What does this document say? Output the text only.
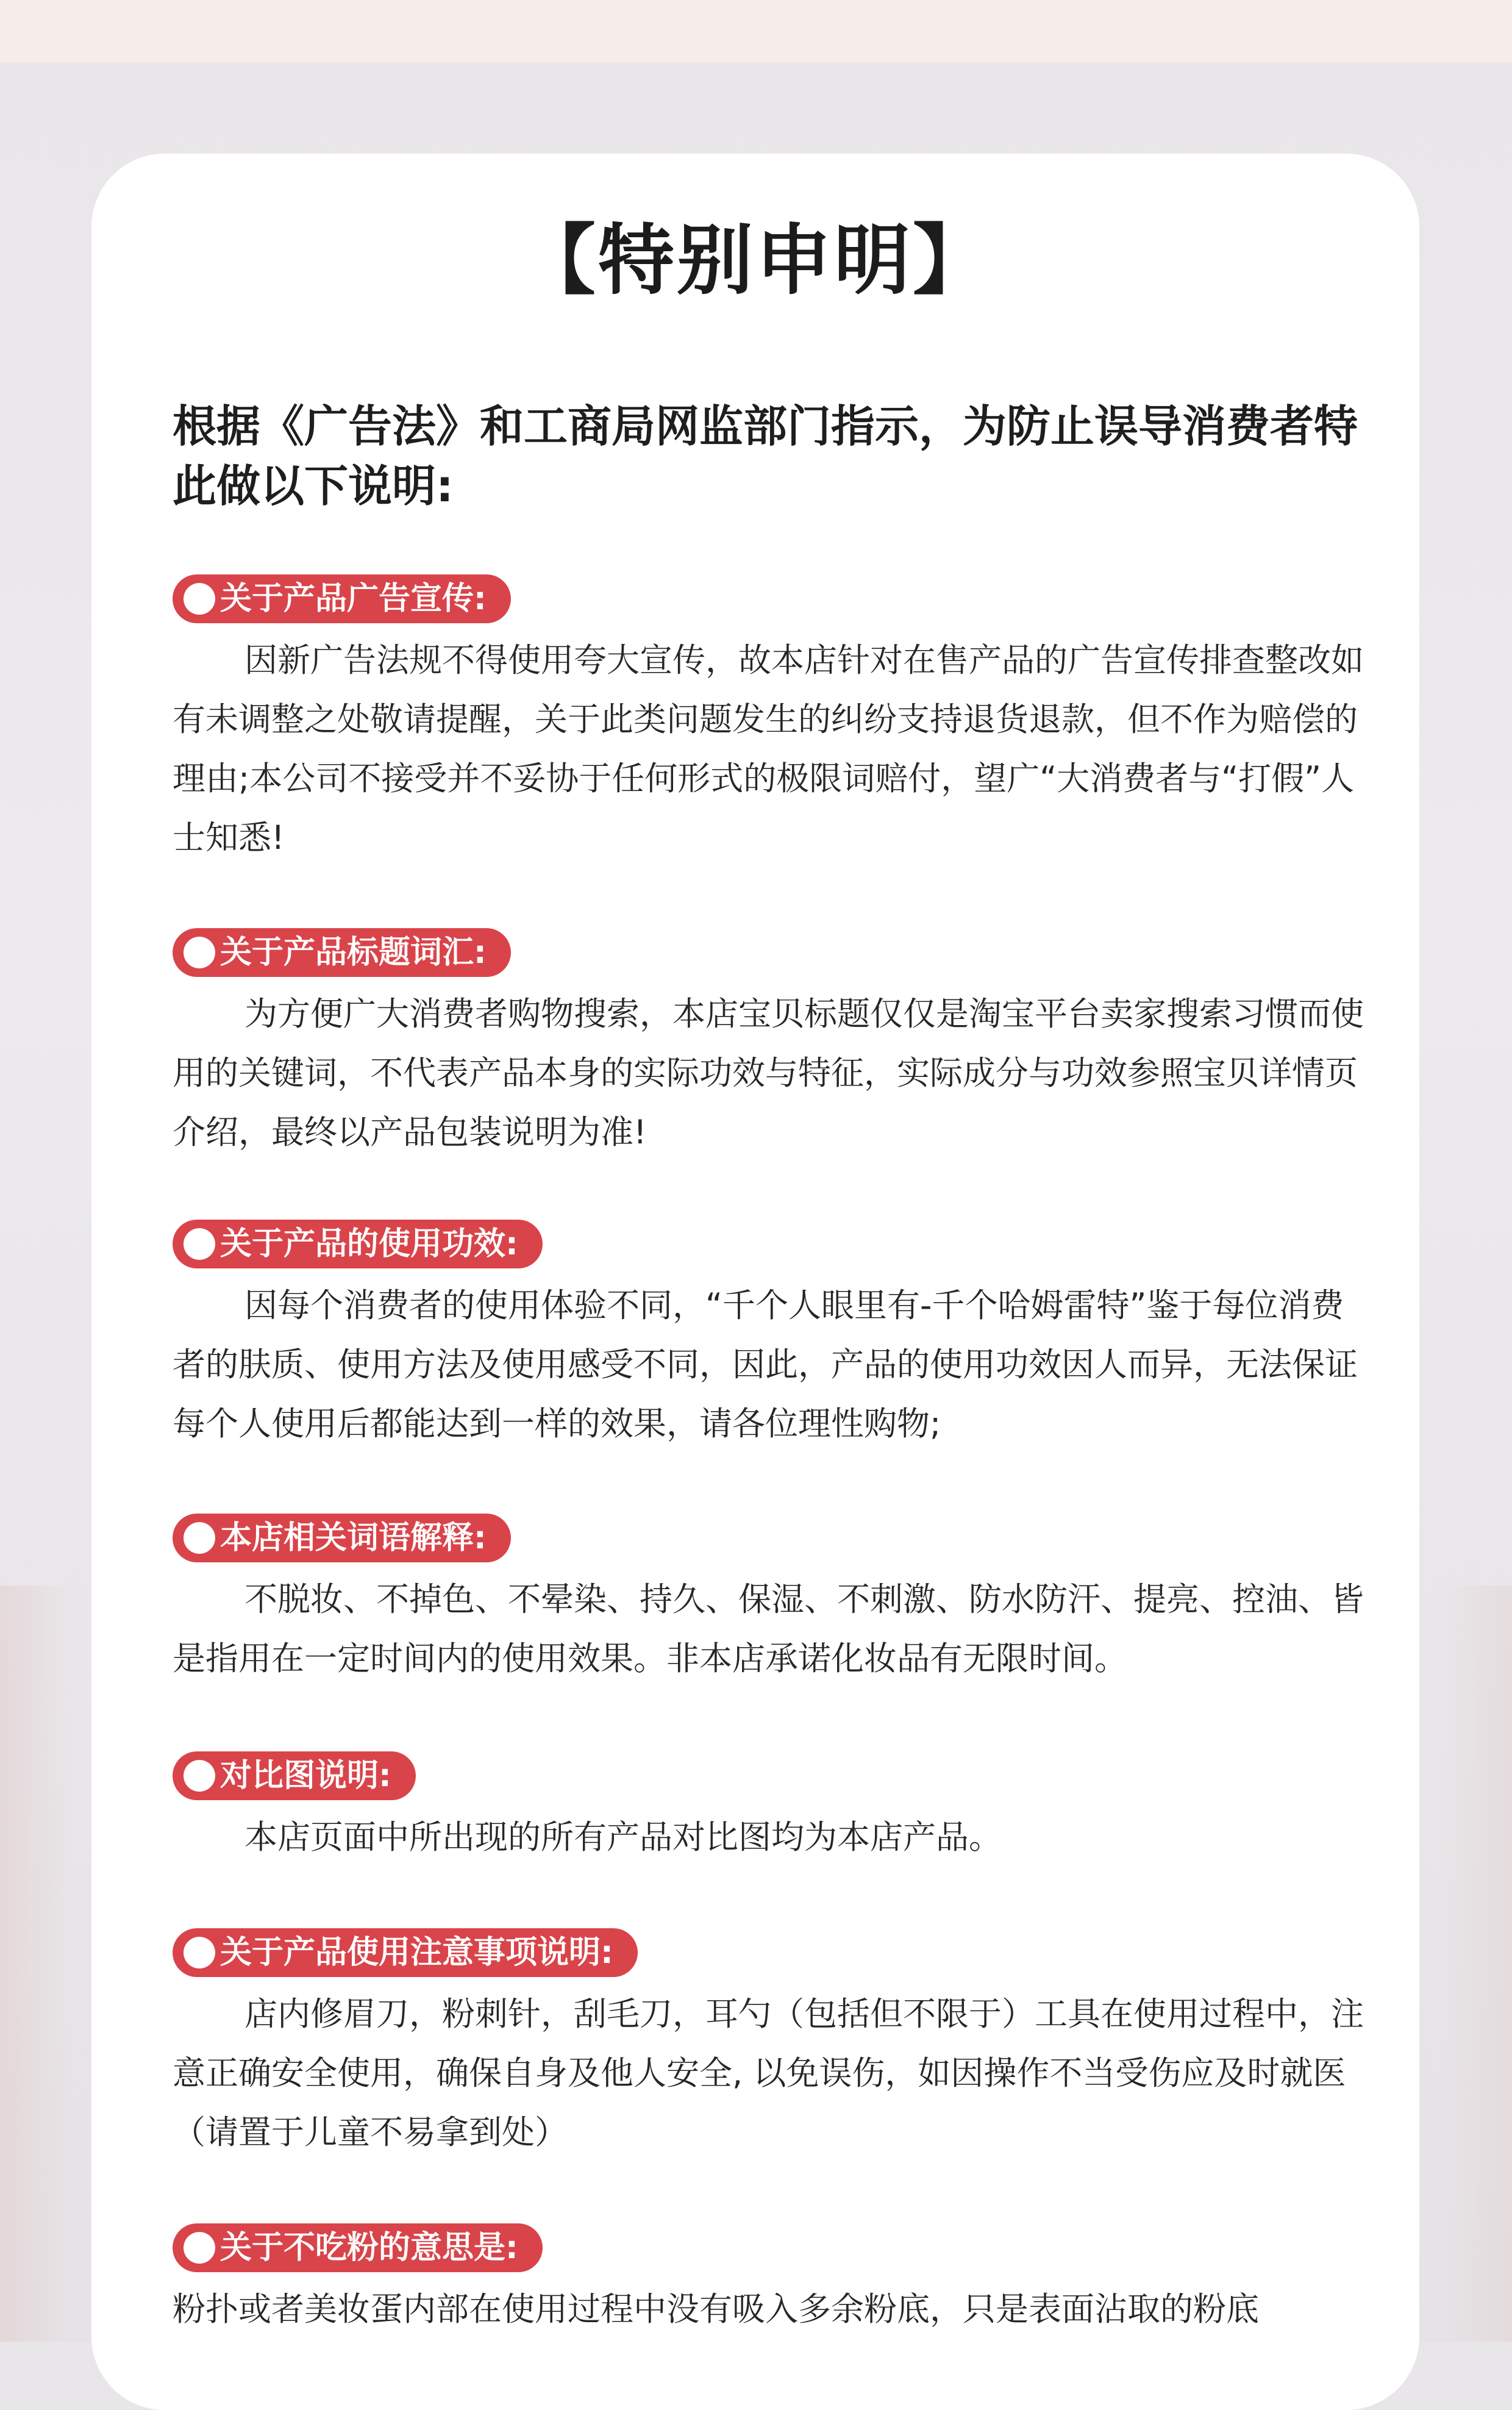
【特别申明】
根据《广告法》和工商局网监部门指示，为防止误导消费者特此做以下说明:
关于产品广告宣传:
因新广告法规不得使用夸大宣传，故本店针对在售产品的广告宣传排查整改如有未调整之处敬请提醒，关于此类问题发生的纠纷支持退货退款，但不作为赔偿的理由;本公司不接受并不妥协于任何形式的极限词赔付，望广“大消费者与“打假”人士知悉!
关于产品标题词汇:
为方便广大消费者购物搜索，本店宝贝标题仅仅是淘宝平台卖家搜索习惯而使用的关键词，不代表产品本身的实际功效与特征，实际成分与功效参照宝贝详情页介绍，最终以产品包装说明为准!
关于产品的使用功效:
因每个消费者的使用体验不同，“千个人眼里有-千个哈姆雷特”鉴于每位消费者的肤质、使用方法及使用感受不同，因此，产品的使用功效因人而异，无法保证每个人使用后都能达到一样的效果，请各位理性购物;
本店相关词语解释:
不脱妆、不掉色、不晕染、持久、保湿、不刺激、防水防汗、提亮、控油、皆是指用在一定时间内的使用效果。非本店承诺化妆品有无限时间。
对比图说明:
本店页面中所出现的所有产品对比图均为本店产品。
关于产品使用注意事项说明:
店内修眉刀，粉刺针，刮毛刀，耳勺（包括但不限于）工具在使用过程中，注意正确安全使用，确保自身及他人安全, 以免误伤，如因操作不当受伤应及时就医（请置于儿童不易拿到处）
关于不吃粉的意思是:
粉扑或者美妆蛋内部在使用过程中没有吸入多余粉底，只是表面沾取的粉底
